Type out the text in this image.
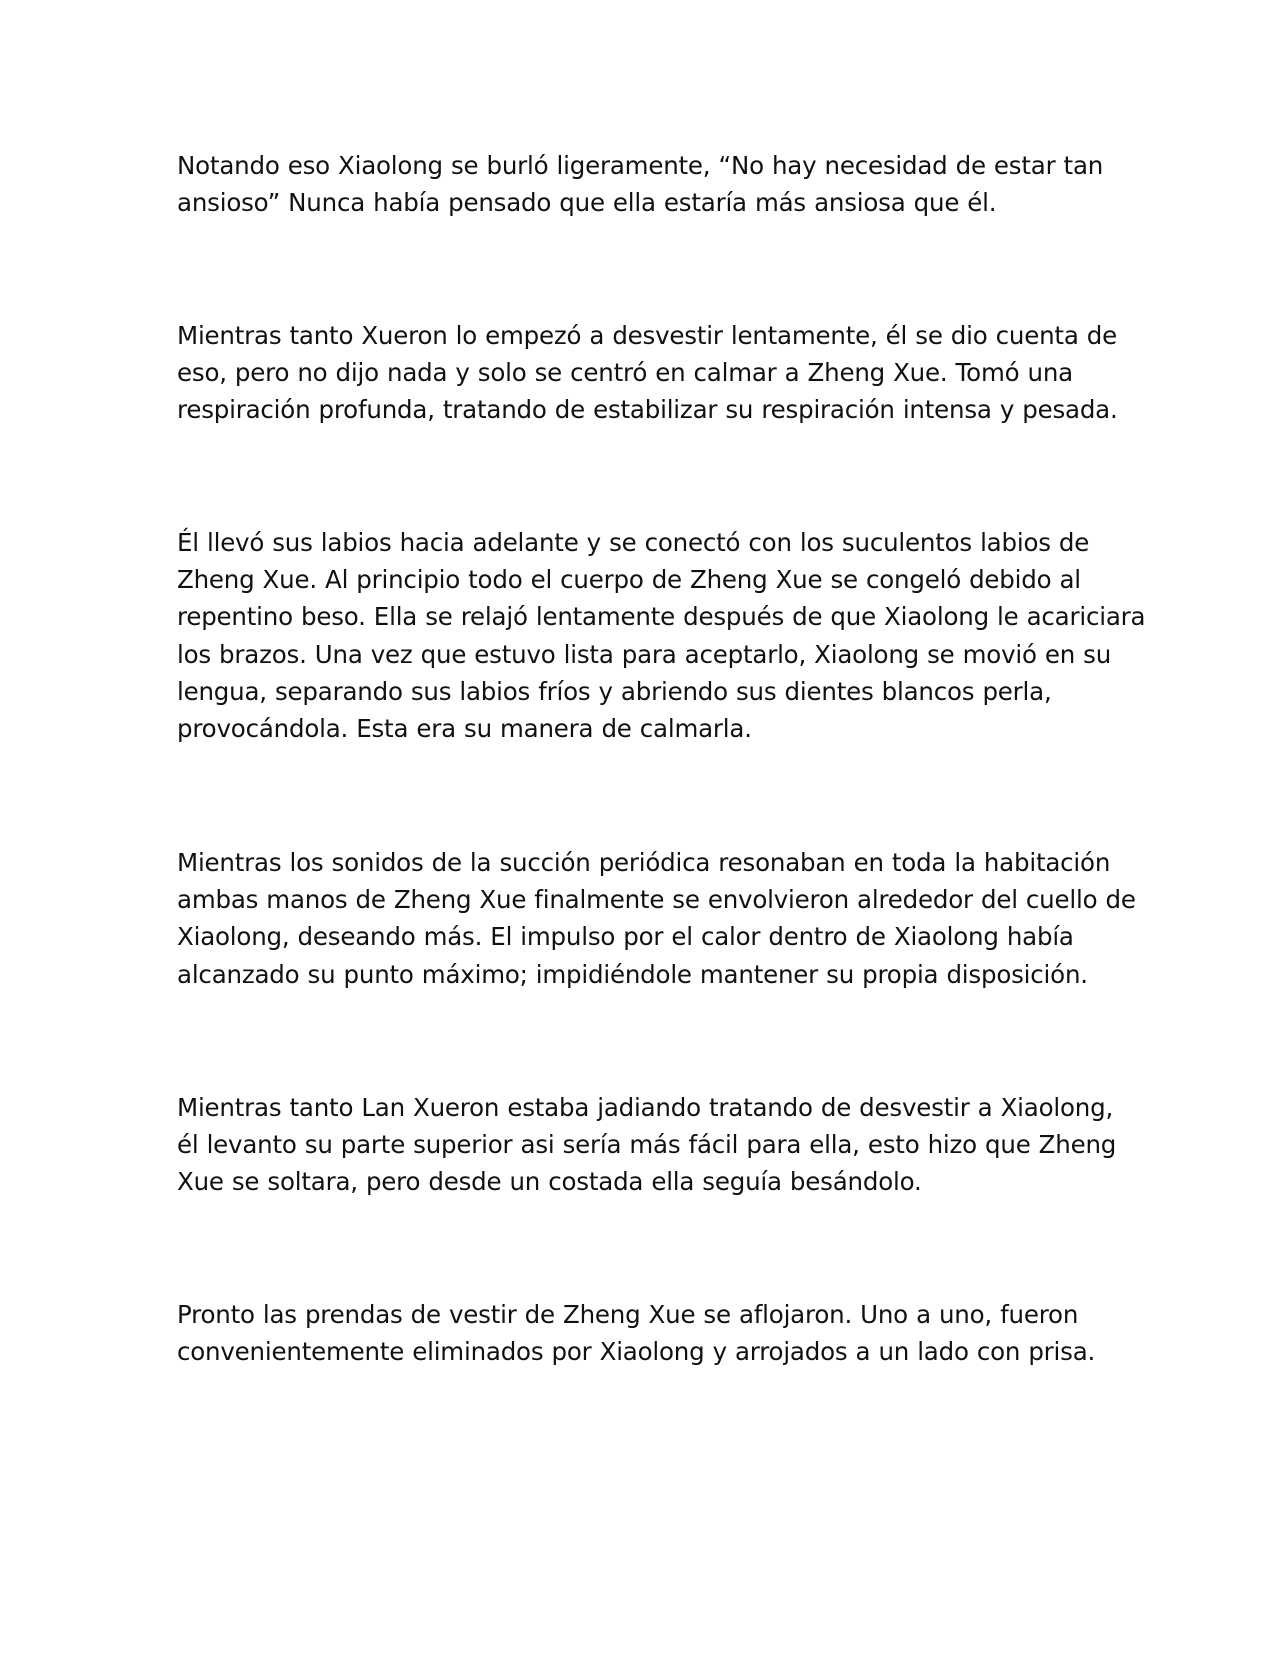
Notando eso Xiaolong se burló ligeramente, “No hay necesidad de estar tan
ansioso” Nunca había pensado que ella estaría más ansiosa que él.

Mientras tanto Xueron lo empezó a desvestir lentamente, él se dio cuenta de
eso, pero no dijo nada y solo se centró en calmar a Zheng Xue. Tomó una
respiración profunda, tratando de estabilizar su respiración intensa y pesada.

Él llevó sus labios hacia adelante y se conectó con los suculentos labios de
Zheng Xue. Al principio todo el cuerpo de Zheng Xue se congeló debido al
repentino beso. Ella se relajó lentamente después de que Xiaolong le acariciara
los brazos. Una vez que estuvo lista para aceptarlo, Xiaolong se movió en su
lengua, separando sus labios fríos y abriendo sus dientes blancos perla,
provocándola. Esta era su manera de calmarla.

Mientras los sonidos de la succión periódica resonaban en toda la habitación
ambas manos de Zheng Xue finalmente se envolvieron alrededor del cuello de
Xiaolong, deseando más. El impulso por el calor dentro de Xiaolong había
alcanzado su punto máximo; impidiéndole mantener su propia disposición.

Mientras tanto Lan Xueron estaba jadiando tratando de desvestir a Xiaolong,
él levanto su parte superior asi sería más fácil para ella, esto hizo que Zheng
Xue se soltara, pero desde un costada ella seguía besándolo.

Pronto las prendas de vestir de Zheng Xue se aflojaron. Uno a uno, fueron
convenientemente eliminados por Xiaolong y arrojados a un lado con prisa.
